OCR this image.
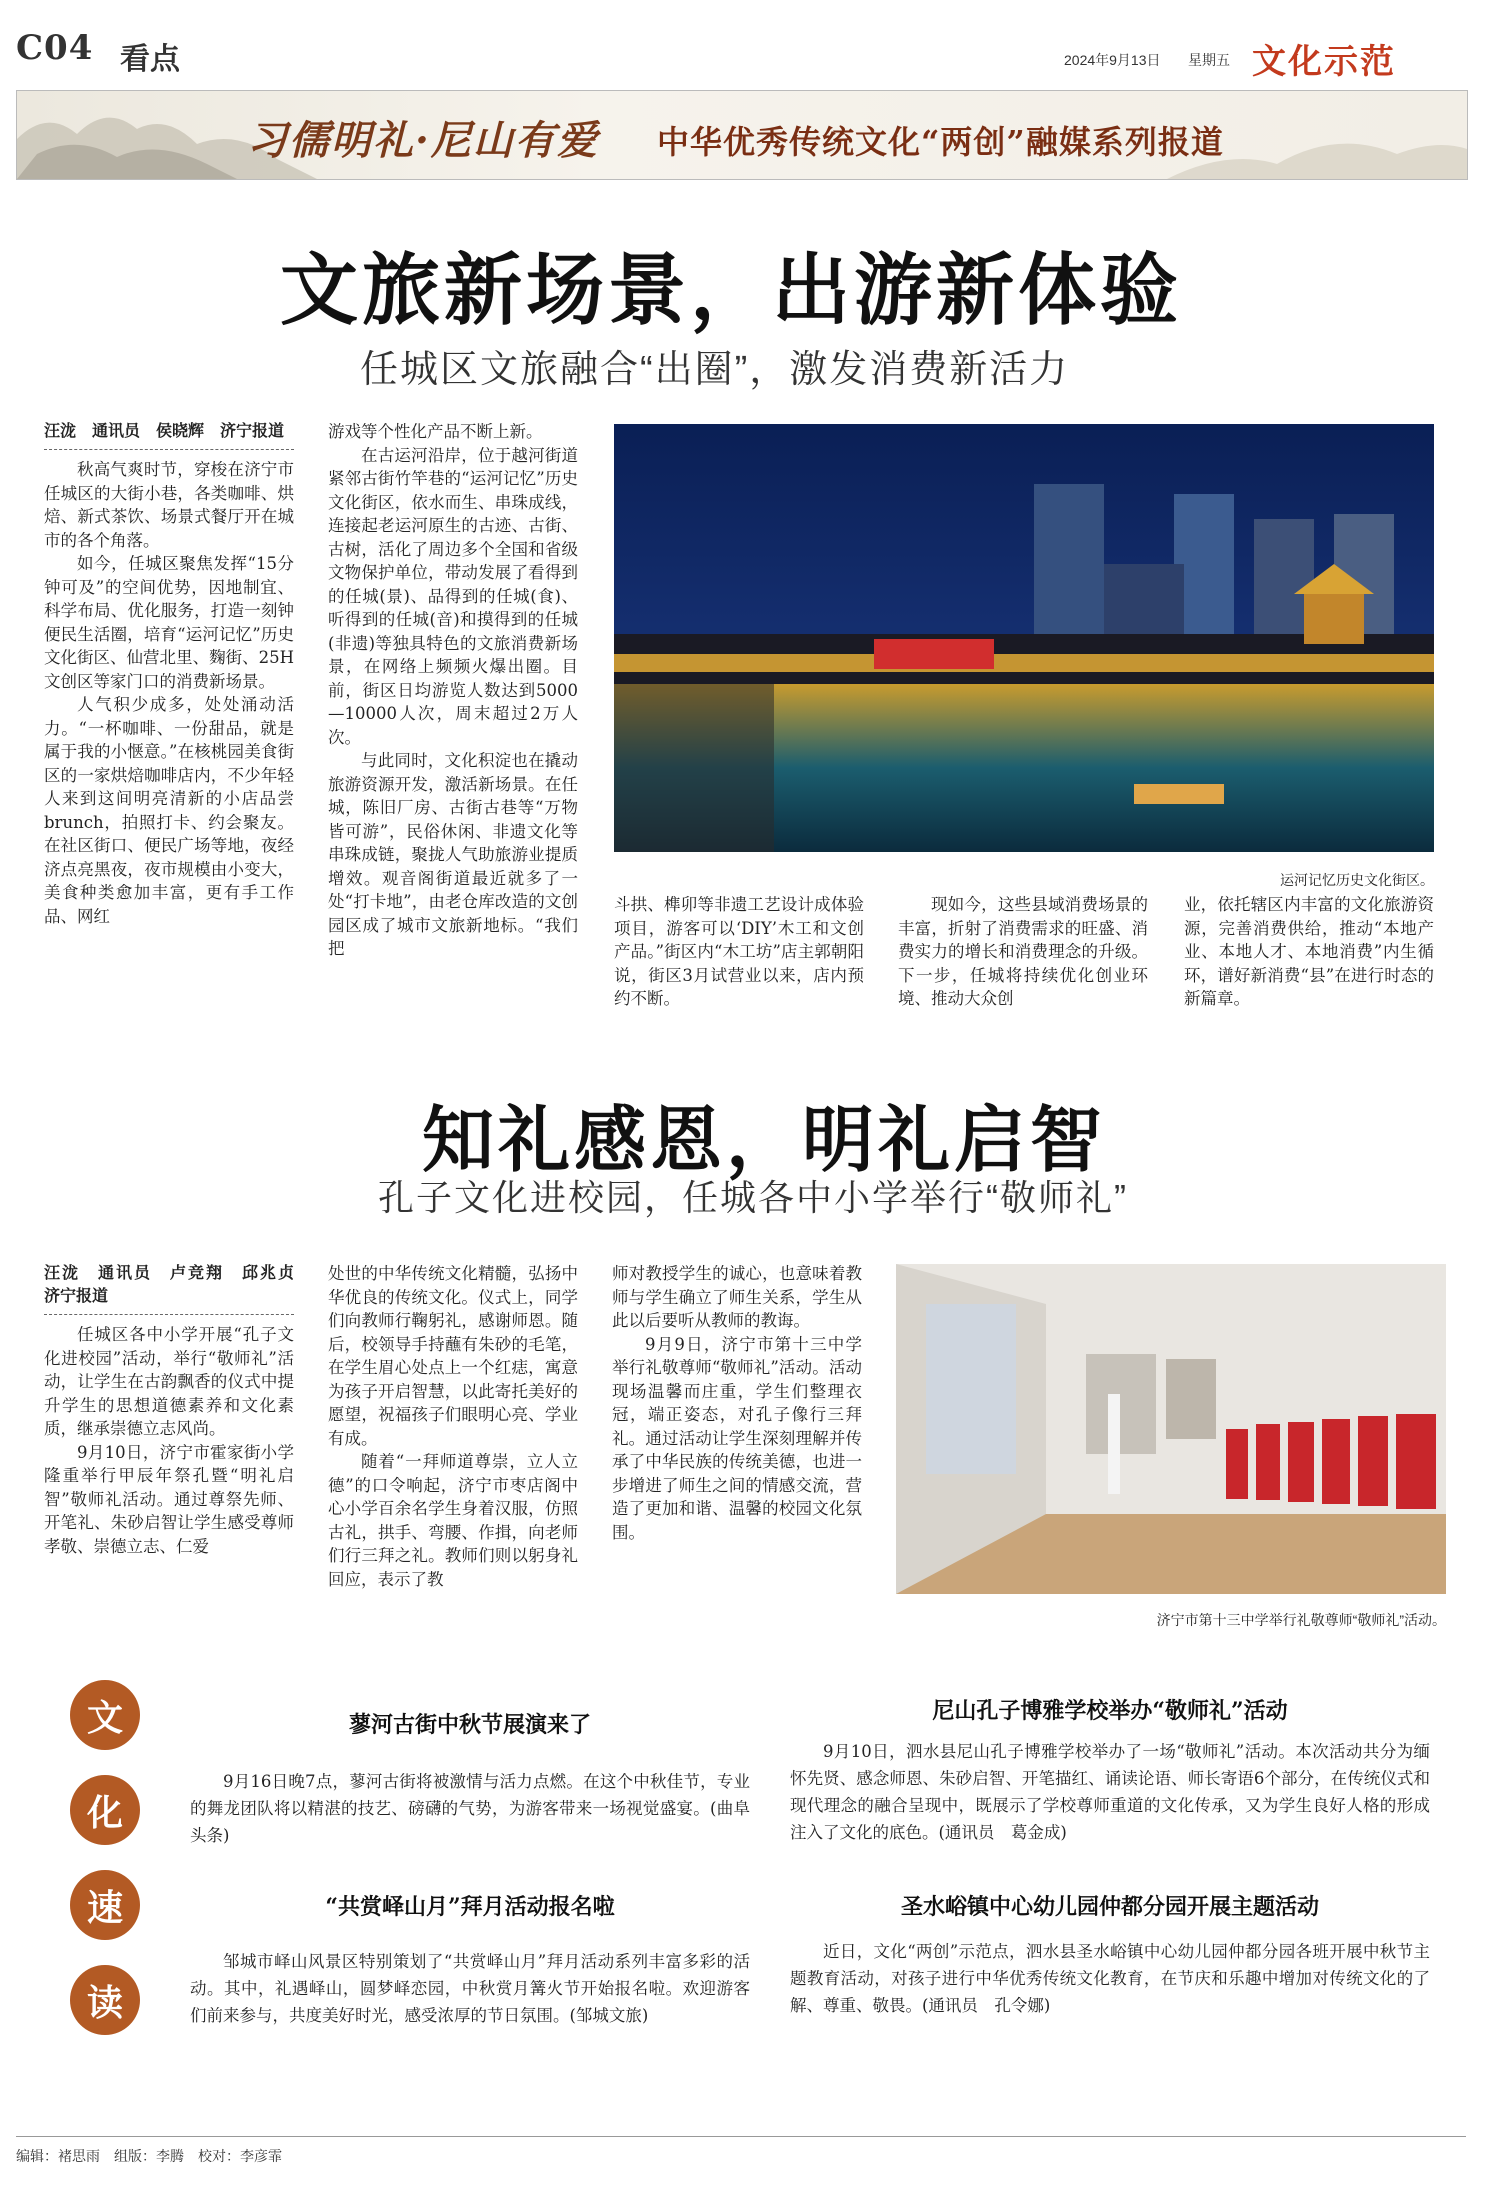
C04 看点	2024年9月13日 星期五 文化示范
习儒明礼·尼山有爱 中华优秀传统文化“两创”融媒系列报道
文旅新场景，出游新体验
任城区文旅融合“出圈”，激发消费新活力
汪泷　通讯员　侯晓辉　济宁报道

秋高气爽时节，穿梭在济宁市任城区的大街小巷，各类咖啡、烘焙、新式茶饮、场景式餐厅开在城市的各个角落。

如今，任城区聚焦发挥“15分钟可及”的空间优势，因地制宜、科学布局、优化服务，打造一刻钟便民生活圈，培育“运河记忆”历史文化街区、仙营北里、麴街、25H文创区等家门口的消费新场景。

人气积少成多，处处涌动活力。“一杯咖啡、一份甜品，就是属于我的小惬意。”在核桃园美食街区的一家烘焙咖啡店内，不少年轻人来到这间明亮清新的小店品尝brunch，拍照打卡、约会聚友。在社区街口、便民广场等地，夜经济点亮黑夜，夜市规模由小变大，美食种类愈加丰富，更有手工作品、网红

游戏等个性化产品不断上新。

在古运河沿岸，位于越河街道紧邻古街竹竿巷的“运河记忆”历史文化街区，依水而生、串珠成线，连接起老运河原生的古迹、古街、古树，活化了周边多个全国和省级文物保护单位，带动发展了看得到的任城(景)、品得到的任城(食)、听得到的任城(音)和摸得到的任城(非遗)等独具特色的文旅消费新场景，在网络上频频火爆出圈。目前，街区日均游览人数达到5000—10000人次，周末超过2万人次。

与此同时，文化积淀也在撬动旅游资源开发，激活新场景。在任城，陈旧厂房、古街古巷等“万物皆可游”，民俗休闲、非遗文化等串珠成链，聚拢人气助旅游业提质增效。观音阁街道最近就多了一处“打卡地”，由老仓库改造的文创园区成了城市文旅新地标。“我们把

运河记忆历史文化街区。

斗拱、榫卯等非遗工艺设计成体验项目，游客可以‘DIY’木工和文创产品。”街区内“木工坊”店主郭朝阳说，街区3月试营业以来，店内预约不断。

现如今，这些县域消费场景的丰富，折射了消费需求的旺盛、消费实力的增长和消费理念的升级。下一步，任城将持续优化创业环境、推动大众创

业，依托辖区内丰富的文化旅游资源，完善消费供给，推动“本地产业、本地人才、本地消费”内生循环，谱好新消费“县”在进行时态的新篇章。

知礼感恩，明礼启智
孔子文化进校园，任城各中小学举行“敬师礼”
汪泷　通讯员　卢竞翔　邱兆贞　济宁报道

任城区各中小学开展“孔子文化进校园”活动，举行“敬师礼”活动，让学生在古韵飘香的仪式中提升学生的思想道德素养和文化素质，继承崇德立志风尚。

9月10日，济宁市霍家街小学隆重举行甲辰年祭孔暨“明礼启智”敬师礼活动。通过尊祭先师、开笔礼、朱砂启智让学生感受尊师孝敬、崇德立志、仁爱

处世的中华传统文化精髓，弘扬中华优良的传统文化。仪式上，同学们向教师行鞠躬礼，感谢师恩。随后，校领导手持蘸有朱砂的毛笔，在学生眉心处点上一个红痣，寓意为孩子开启智慧，以此寄托美好的愿望，祝福孩子们眼明心亮、学业有成。

随着“一拜师道尊崇，立人立德”的口令响起，济宁市枣店阁中心小学百余名学生身着汉服，仿照古礼，拱手、弯腰、作揖，向老师们行三拜之礼。教师们则以躬身礼回应，表示了教

师对教授学生的诚心，也意味着教师与学生确立了师生关系，学生从此以后要听从教师的教诲。

9月9日，济宁市第十三中学举行礼敬尊师“敬师礼”活动。活动现场温馨而庄重，学生们整理衣冠，端正姿态，对孔子像行三拜礼。通过活动让学生深刻理解并传承了中华民族的传统美德，也进一步增进了师生之间的情感交流，营造了更加和谐、温馨的校园文化氛围。

济宁市第十三中学举行礼敬尊师“敬师礼”活动。
文
化
速
读
蓼河古街中秋节展演来了
9月16日晚7点，蓼河古街将被激情与活力点燃。在这个中秋佳节，专业的舞龙团队将以精湛的技艺、磅礴的气势，为游客带来一场视觉盛宴。(曲阜头条)
“共赏峄山月”拜月活动报名啦
邹城市峄山风景区特别策划了“共赏峄山月”拜月活动系列丰富多彩的活动。其中，礼遇峄山，圆梦峄恋园，中秋赏月篝火节开始报名啦。欢迎游客们前来参与，共度美好时光，感受浓厚的节日氛围。(邹城文旅)
尼山孔子博雅学校举办“敬师礼”活动
9月10日，泗水县尼山孔子博雅学校举办了一场“敬师礼”活动。本次活动共分为缅怀先贤、感念师恩、朱砂启智、开笔描红、诵读论语、师长寄语6个部分，在传统仪式和现代理念的融合呈现中，既展示了学校尊师重道的文化传承，又为学生良好人格的形成注入了文化的底色。(通讯员　葛金成)
圣水峪镇中心幼儿园仲都分园开展主题活动
近日，文化“两创”示范点，泗水县圣水峪镇中心幼儿园仲都分园各班开展中秋节主题教育活动，对孩子进行中华优秀传统文化教育，在节庆和乐趣中增加对传统文化的了解、尊重、敬畏。(通讯员　孔令娜)
编辑：褚思雨　组版：李腾　校对：李彦霏
